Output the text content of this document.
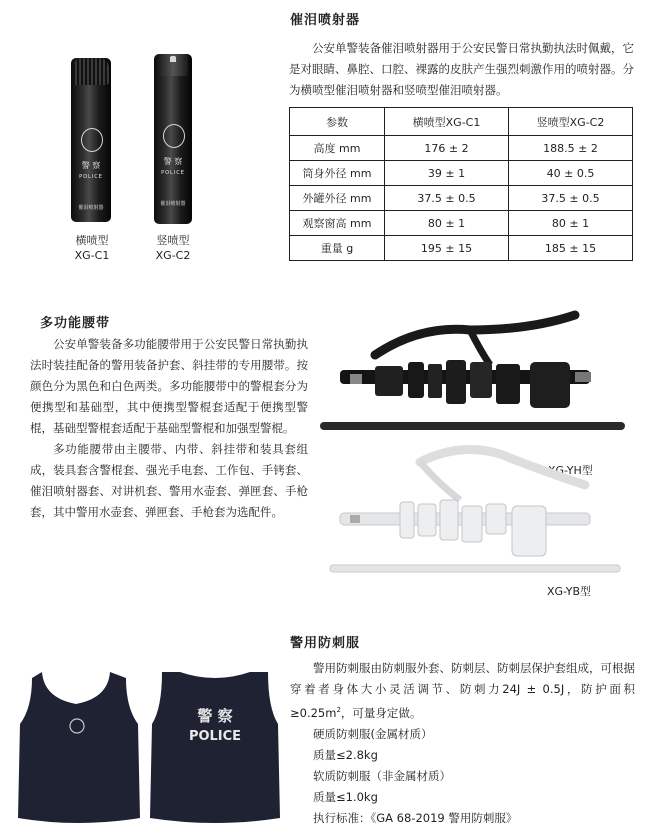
催泪喷射器
公安单警装备催泪喷射器用于公安民警日常执勤执法时佩戴，它是对眼睛、鼻腔、口腔、裸露的皮肤产生强烈刺激作用的喷射器。分为横喷型催泪喷射器和竖喷型催泪喷射器。
警 察
POLICE
催泪喷射器
警 察
POLICE
催泪喷射器
横喷型
XG-C1
竖喷型
XG-C2
参数	横喷型XG-C1	竖喷型XG-C2
高度 mm	176 ± 2	188.5 ± 2
筒身外径 mm	39 ± 1	40 ± 0.5
外罐外径 mm	37.5 ± 0.5	37.5 ± 0.5
观察窗高 mm	80 ± 1	80 ± 1
重量 g	195 ± 15	185 ± 15
多功能腰带

公安单警装备多功能腰带用于公安民警日常执勤执法时装挂配备的警用装备护套、斜挂带的专用腰带。按颜色分为黑色和白色两类。多功能腰带中的警棍套分为便携型和基础型，其中便携型警棍套适配于便携型警棍，基础型警棍套适配于基础型警棍和加强型警棍。

多功能腰带由主腰带、内带、斜挂带和装具套组成，装具套含警棍套、强光手电套、工作包、手铐套、催泪喷射器套、对讲机套、警用水壶套、弹匣套、手枪套，其中警用水壶套、弹匣套、手枪套为选配件。

XG-YH型
XG-YB型
警用防刺服
警 察
POLICE

警用防刺服由防刺服外套、防刺层、防刺层保护套组成，可根据穿着者身体大小灵活调节、防刺力24J ± 0.5J，防护面积$\ge 0.25m^2$，可量身定做。

硬质防刺服(金属材质）

质量≤2.8kg

软质防刺服（非金属材质）

质量≤1.0kg

执行标准：《GA 68-2019 警用防刺服》
